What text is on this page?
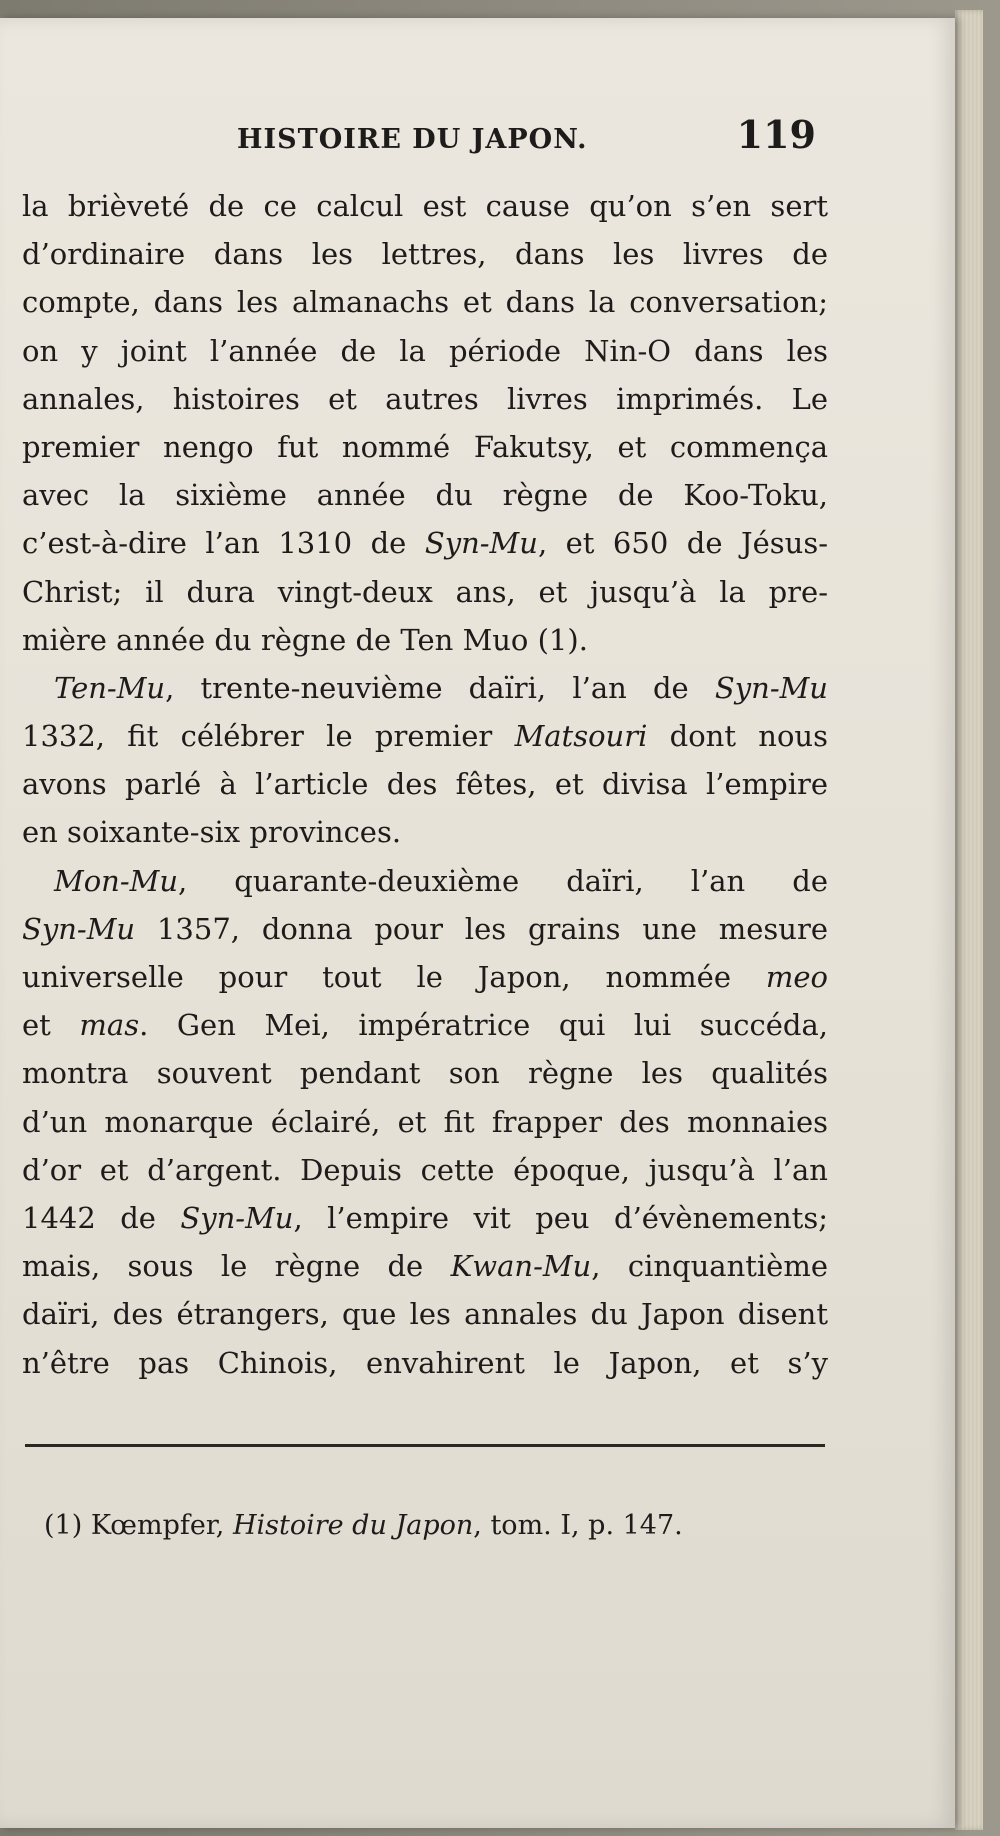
HISTOIRE DU JAPON.	119
la brièveté de ce calcul est cause qu’on s’en sert
d’ordinaire dans les lettres, dans les livres de
compte, dans les almanachs et dans la conversation;
on y joint l’année de la période Nin-O dans les
annales, histoires et autres livres imprimés. Le
premier nengo fut nommé Fakutsy, et commença
avec la sixième année du règne de Koo-Toku,
c’est-à-dire l’an 1310 de Syn-Mu, et 650 de Jésus-
Christ; il dura vingt-deux ans, et jusqu’à la pre-
mière année du règne de Ten Muo (1).
Ten-Mu, trente-neuvième daïri, l’an de Syn-Mu
1332, fit célébrer le premier Matsouri dont nous
avons parlé à l’article des fêtes, et divisa l’empire
en soixante-six provinces.
Mon-Mu, quarante-deuxième daïri, l’an de
Syn-Mu 1357, donna pour les grains une mesure
universelle pour tout le Japon, nommée meo
et mas. Gen Mei, impératrice qui lui succéda,
montra souvent pendant son règne les qualités
d’un monarque éclairé, et fit frapper des monnaies
d’or et d’argent. Depuis cette époque, jusqu’à l’an
1442 de Syn-Mu, l’empire vit peu d’évènements;
mais, sous le règne de Kwan-Mu, cinquantième
daïri, des étrangers, que les annales du Japon disent
n’être pas Chinois, envahirent le Japon, et s’y
(1) Kœmpfer, Histoire du Japon, tom. I, p. 147.
